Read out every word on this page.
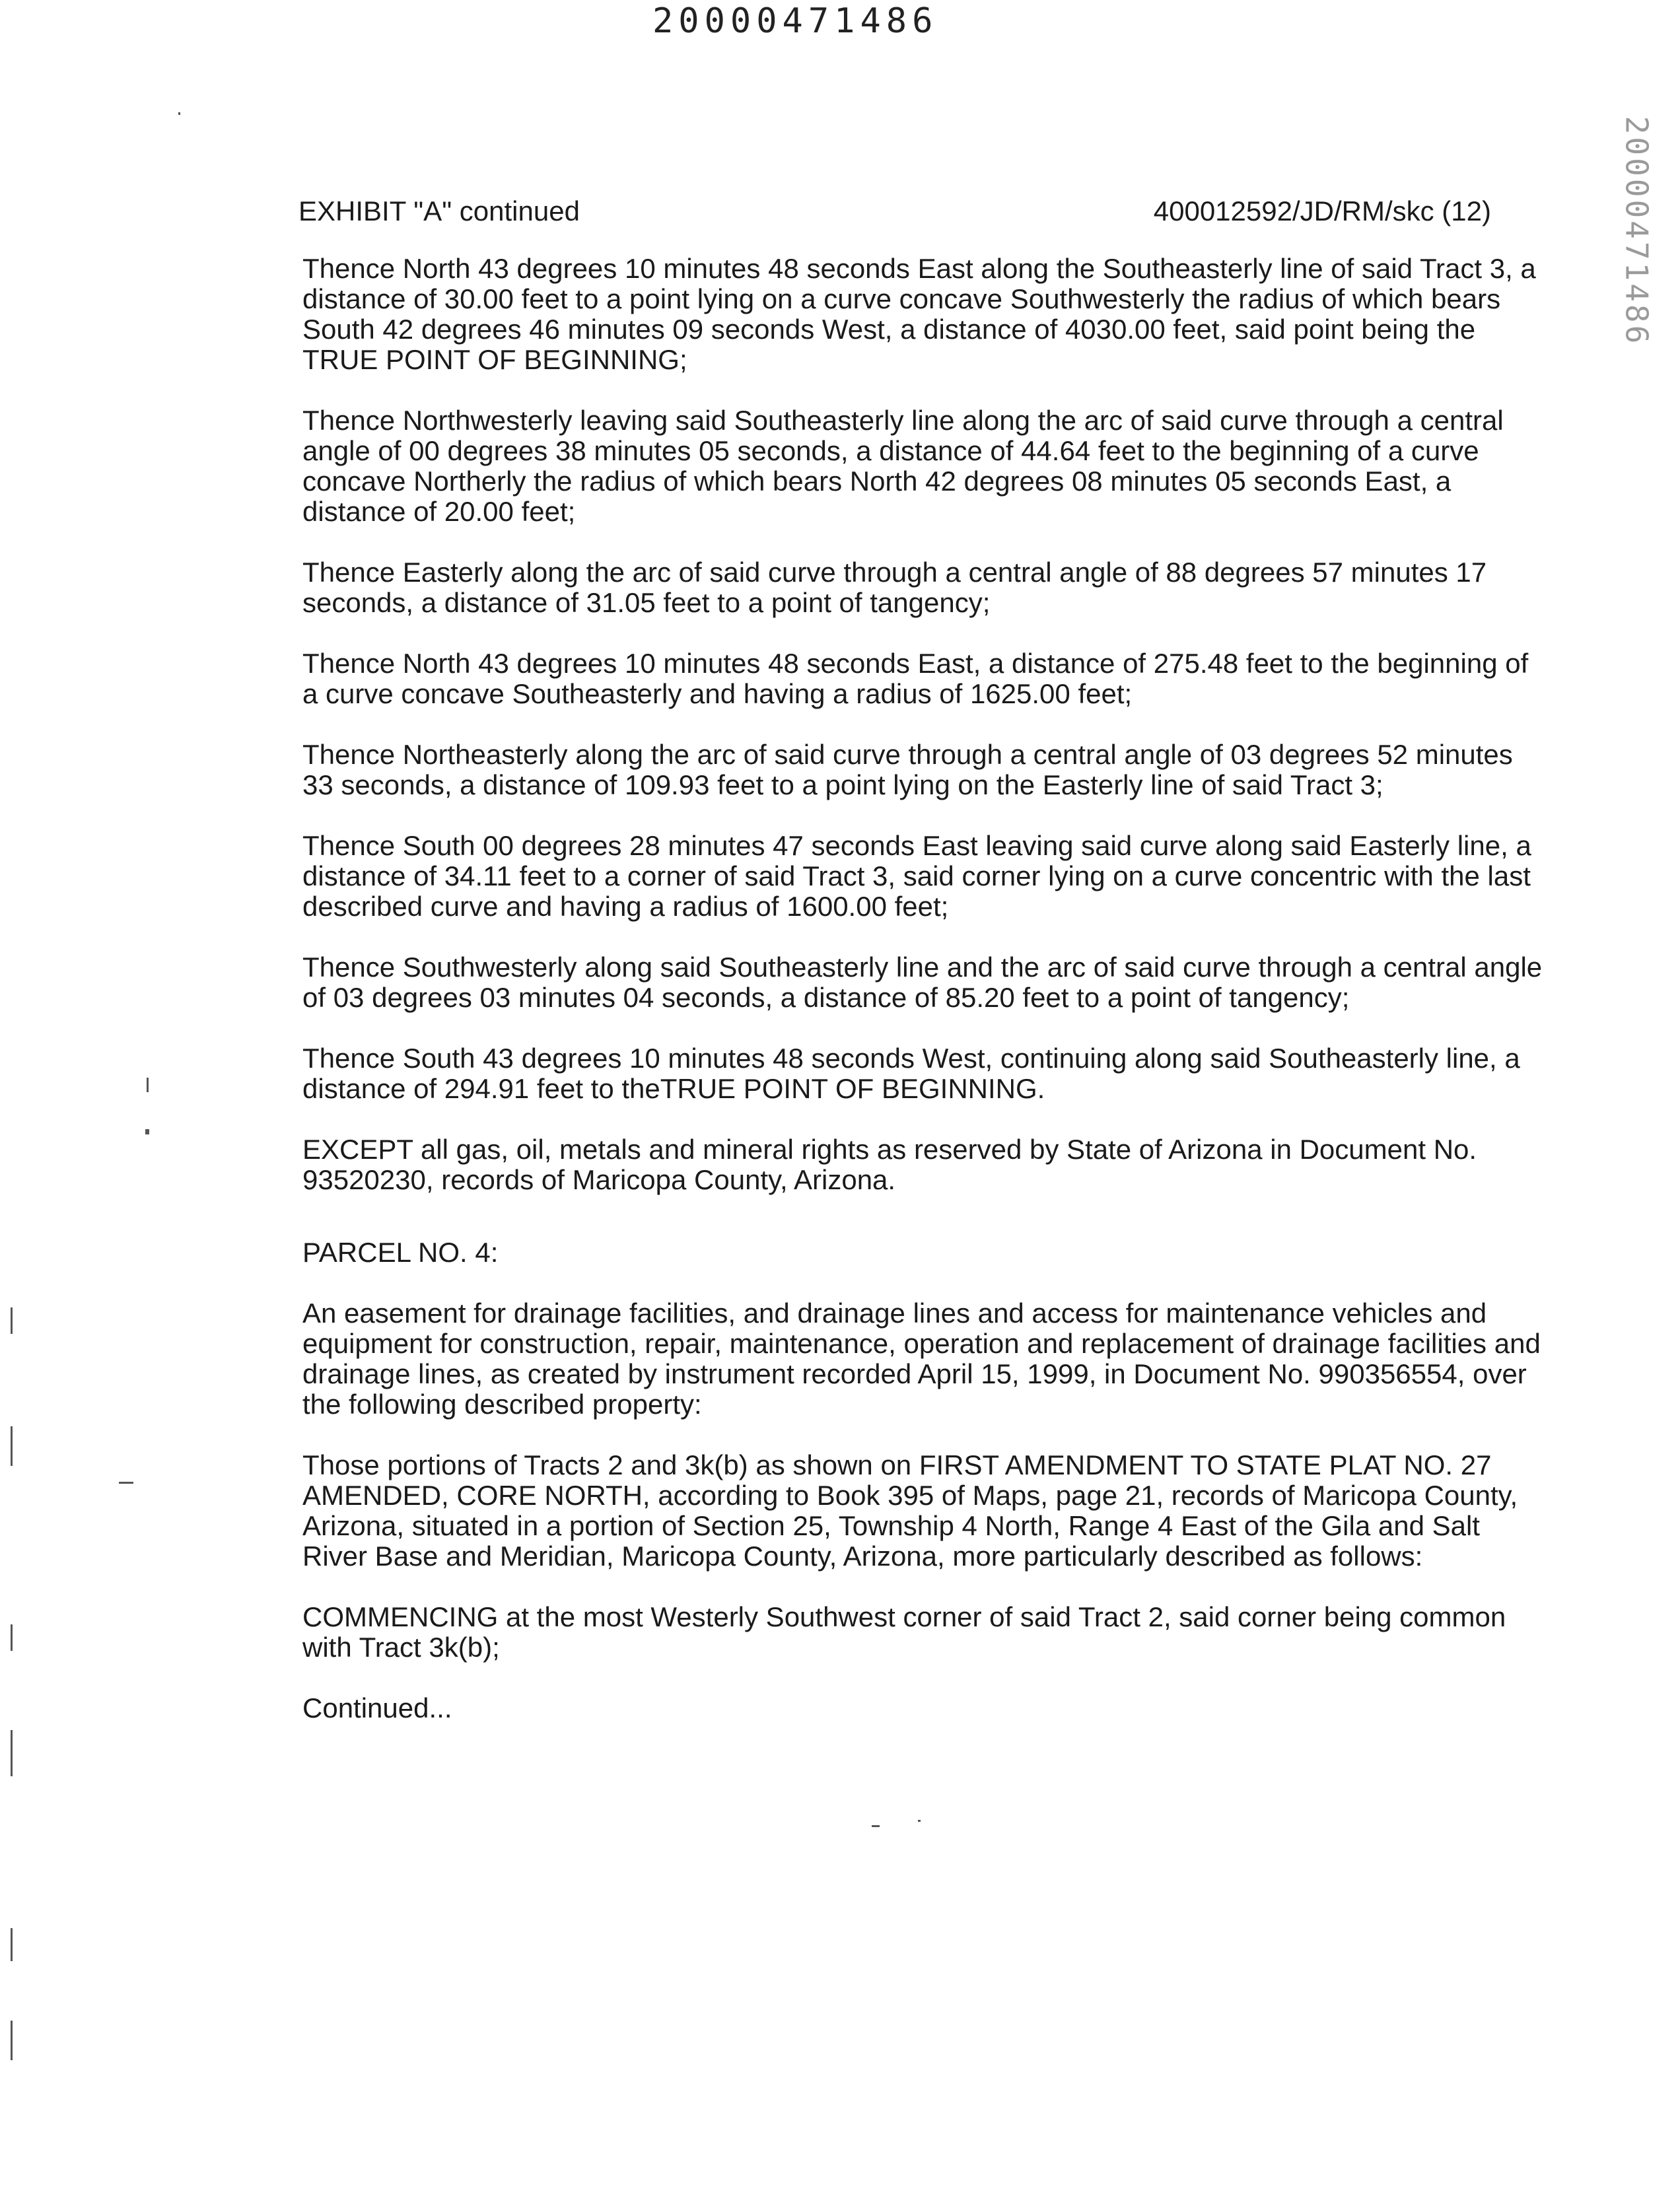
20000471486
20000471486
EXHIBIT "A" continued	400012592/JD/RM/skc (12)

Thence North 43 degrees 10 minutes 48 seconds East along the Southeasterly line of said Tract 3, a distance of 30.00 feet to a point lying on a curve concave Southwesterly the radius of which bears South 42 degrees 46 minutes 09 seconds West, a distance of 4030.00 feet, said point being the TRUE POINT OF BEGINNING;

Thence Northwesterly leaving said Southeasterly line along the arc of said curve through a central angle of 00 degrees 38 minutes 05 seconds, a distance of 44.64 feet to the beginning of a curve concave Northerly the radius of which bears North 42 degrees 08 minutes 05 seconds East, a distance of 20.00 feet;

Thence Easterly along the arc of said curve through a central angle of 88 degrees 57 minutes 17 seconds, a distance of 31.05 feet to a point of tangency;

Thence North 43 degrees 10 minutes 48 seconds East, a distance of 275.48 feet to the beginning of a curve concave Southeasterly and having a radius of 1625.00 feet;

Thence Northeasterly along the arc of said curve through a central angle of 03 degrees 52 minutes 33 seconds, a distance of 109.93 feet to a point lying on the Easterly line of said Tract 3;

Thence South 00 degrees 28 minutes 47 seconds East leaving said curve along said Easterly line, a distance of 34.11 feet to a corner of said Tract 3, said corner lying on a curve concentric with the last described curve and having a radius of 1600.00 feet;

Thence Southwesterly along said Southeasterly line and the arc of said curve through a central angle of 03 degrees 03 minutes 04 seconds, a distance of 85.20 feet to a point of tangency;

Thence South 43 degrees 10 minutes 48 seconds West, continuing along said Southeasterly line, a distance of 294.91 feet to theTRUE POINT OF BEGINNING.

EXCEPT all gas, oil, metals and mineral rights as reserved by State of Arizona in Document No. 93520230, records of Maricopa County, Arizona.

PARCEL NO. 4:

An easement for drainage facilities, and drainage lines and access for maintenance vehicles and equipment for construction, repair, maintenance, operation and replacement of drainage facilities and drainage lines, as created by instrument recorded April 15, 1999, in Document No. 990356554, over the following described property:

Those portions of Tracts 2 and 3k(b) as shown on FIRST AMENDMENT TO STATE PLAT NO. 27 AMENDED, CORE NORTH, according to Book 395 of Maps, page 21, records of Maricopa County, Arizona, situated in a portion of Section 25, Township 4 North, Range 4 East of the Gila and Salt River Base and Meridian, Maricopa County, Arizona, more particularly described as follows:

COMMENCING at the most Westerly Southwest corner of said Tract 2, said corner being common with Tract 3k(b);

Continued...
